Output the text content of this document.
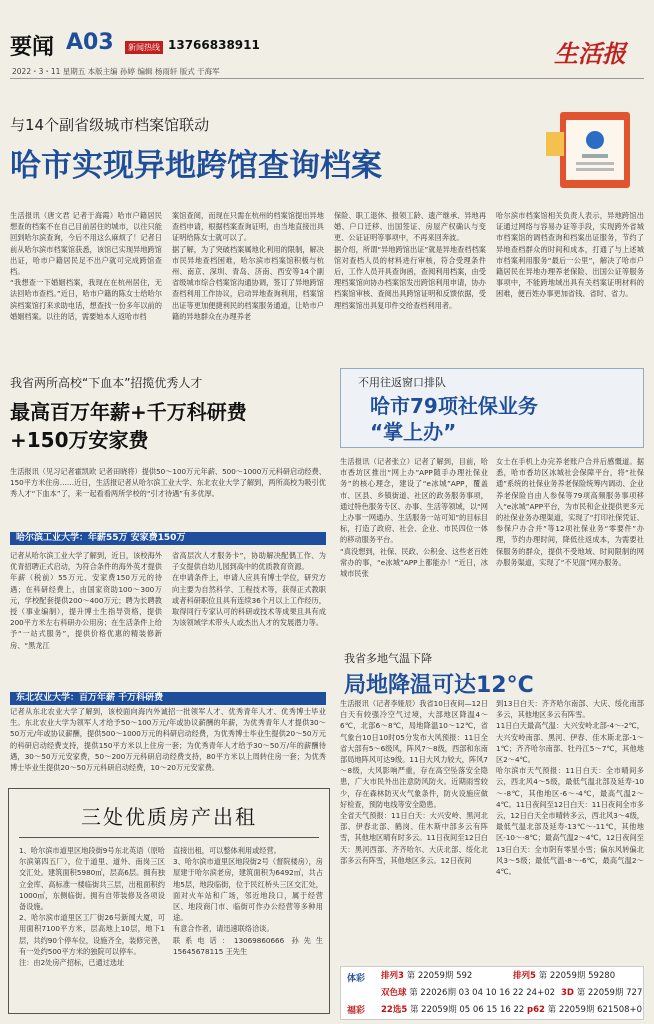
要闻 A03	新闻热线 13766838911
2022・3・11 星期五 本版主编 孙婷 编辑 杨雨轩 版式 于海军
生活报
与14个副省级城市档案馆联动
哈市实现异地跨馆查询档案
生活报讯（唐文君 记者于海霞）哈市户籍居民想查的档案不在自己目前居住的城市，以往只能回到哈尔滨查询，今后不用这么麻烦了！记者日前从哈尔滨市档案馆获悉，该馆已实现异地跨馆出证，哈市户籍居民足不出户就可完成跨馆查档。
“我想查一下婚姻档案，我现在在杭州居住，无法回哈市查档。”近日，哈市户籍的陈女士给哈尔滨档案馆打来求助电话，想查找一份多年以前的婚姻档案。以往的话，需要她本人返哈市档
案馆查阅，而现在只需在杭州的档案馆提出异地查档申请，根据档案查询证明，由当地直接出具证明给陈女士就可以了。
据了解，为了突破档案属地化利用的限制，解决市民异地查档困难，哈尔滨市档案馆积极与杭州、南京、深圳、青岛、济南、西安等14个副省级城市综合档案馆沟通协调，签订了异地跨馆查档利用工作协议，启动异地查询利用，档案馆出证等更加便捷利民的档案服务通道，让哈市户籍的异地群众在办理养老
保险、职工退休、报领工龄、遗产继承、异地再婚、户口迁移、出国签证、房屋产权确认与变更、公证证明等事项中，不再来回奔波。
据介绍，所谓“异地跨馆出证”就是异地查档档案馆对查档人员的材料进行审核，符合受理条件后，工作人员开具查询函，查阅利用档案，由受理档案馆向协办档案馆发出跨馆利用申请，协办档案馆审核、查阅出具跨馆证明和反馈依据，受理档案馆出具复印件交给查档利用者。
哈尔滨市档案馆相关负责人表示，异地跨馆出证通过网络与容易办证等手段，实现跨外省城市档案馆的调档查询和档案出证服务，节约了异地查档群众的时间和成本，打通了与上述城市档案利用服务“最后一公里”，解决了哈市户籍居民在异地办理养老保险、出国公证等服务事项中，不能跨地域出具有关档案证明材料的困难，便百姓办事更加省钱、省时、省力。
我省两所高校“下血本”招揽优秀人才
最高百万年薪+千万科研费
+150万安家费
生活报讯（见习记者霍凯欧 记者田晓将）提供50～100万元年薪、500～1000万元科研启动经费、150平方米住房……近日，生活报记者从哈尔滨工业大学、东北农业大学了解到，两所高校为吸引优秀人才“下血本”了，来一起看看两所学校的“引才待遇”有多优厚。
哈尔滨工业大学：年薪55万 安家费150万
记者从哈尔滨工业大学了解到，近日，该校海外优青招聘正式启动，为符合条件的海外英才提供年薪（税前）55万元、安家费150万元的待遇；在科研经费上，由国家资助100～300万元，学校配套提供200～400万元；聘为长聘教授（事业编制），提升博士生指导资格，提供200平方米左右科研办公用房；在生活条件上给予“一站式服务”，提供价格优惠的精装修新房、“黑龙江
省高层次人才服务卡”，协助解决配偶工作、为子女提供自幼儿园到高中的优质教育资源。
在申请条件上，申请人应具有博士学位，研究方向主要为自然科学、工程技术等，获得正式教职或者科研职位且具有连续36个月以上工作经历，取得同行专家认可的科研或技术等成果且具有成为该领域学术带头人或杰出人才的发展潜力等。
东北农业大学：百万年薪 千万科研费
记者从东北农业大学了解到，该校面向海内外诚招一批领军人才、优秀青年人才、优秀博士毕业生。东北农业大学为领军人才给予50～100万元/年或协议薪酬的年薪，为优秀青年人才提供30～50万元/年或协议薪酬，提供500～1000万元的科研启动经费，为优秀博士毕业生提供20～50万元的科研启动经费支持，提供150平方米以上住房一套；为优秀青年人才给予30～50万/年的薪酬待遇，30～50万元安家费，50～200万元科研启动经费支持，80平方米以上周转住房一套；为优秀博士毕业生提供20～50万元科研启动经费，10～20万元安家费。
不用往返窗口排队
哈市79项社保业务
“掌上办”
生活报讯（记者张立）记者了解到，目前，哈市香坊区推出“网上办”APP随手办理社保业务”的核心理念，建设了“e冰城”APP，覆盖市、区县、乡镇街道、社区的政务服务事项，通过特色服务专区、办事、生活等领域，以“网上办事一网通办、生活服务一站可知”的目标目标，打造了政府、社会、企业、市民四位一体的移动服务平台。
“真没想到，社保、民政、公积金、这些老百姓常办的事，“e冰城”APP上都能办！”近日，冰城市民张
女士在手机上办完养老账户合并后感慨道。据悉，哈市香坊区冰城社会保障平台，将“社保通”系统的社保业务养老保险统筹内调动、企业养老保险自由人参保等79项高频服务事项移入“e冰城”APP平台，为市民和企业提供更多元的社保业务办理渠道，实现了“打印社保凭证、参保户办合并”等12项社保业务“零要件”办理，节约办理时间，降低往返成本，为需要社保服务的群众，提供不受地域、时间限制的网办服务渠道，实现了“不见面”网办服务。
我省多地气温下降
局地降温可达12°C
生活报讯（记者李娅辰）我省10日夜间—12日白天有较强冷空气过境，大部地区降温4～6℃，北部6～8℃，局地降温10～12℃，省气象台10日10时05分发布大风预报：11日全省大部有5～6级风，阵风7～8级，西部和东南部局地阵风可达9级。11日大风力较大，阵风7～8级，大风影响严重，存在高空坠落安全隐患，广大市民外出注意防风防火。近期雨雪较少，存在森林防灭火气象条件，防火设施应做好检查，预防电线等安全隐患。
全省天气预报：11日白天：大兴安岭、黑河北部、伊春北部、鹤岗、佳木斯中部多云有阵雪，其他地区晴有时多云。11日夜间至12日白天：黑河西部、齐齐哈尔、大庆北部、绥化北部多云有阵雪，其他地区多云。12日夜间
到13日白天：齐齐哈尔南部、大庆、绥化南部多云，其他地区多云有阵雪。
11日白天最高气温：大兴安岭北部-4～-2℃，大兴安岭南部、黑河、伊春、佳木斯北部-1～1℃；齐齐哈尔南部、牡丹江5～7℃，其他地区2～4℃。
哈尔滨市天气预报：11日白天：全市晴间多云，西北风4～5级，最低气温北部及延寿-10～-8℃，其他地区-6～-4℃，最高气温2～4℃。11日夜间至12日白天：11日夜间全市多云，12日白天全市晴转多云，西北风3～4级，最低气温北部及延寿-13℃～-11℃，其他地区-10～-8℃；最高气温2～4℃。12日夜间至13日白天：全市阴有零星小雪；偏东风转偏北风3～5级；最低气温-8～-6℃，最高气温2～4℃。
三处优质房产出租
1、哈尔滨市道里区地段街9号东北英语（原哈尔滨第四五厂），位于道里、道外、南岗三区交汇处。建筑面积5980㎡，层高6层。拥有独立金库、高标准一楼临街共三层，出租面积约1000㎡，东侧临街。拥有自带装修及各项设备设施。
2、哈尔滨市道里区工厂街26号新闻大厦，可用面积7100平方米，层高地上10层，地下1层，共约90个停车位，设施齐全，装修完善，有一处约500平方米的独院可以停车。
注：由2处房产招标，已通过选址
直接出租，可以整体利用或经营。
3、哈尔滨市道里区地段街2号（督院楼房），房屋建于哈尔滨老房，建筑面积为6492㎡，共占地5层，地段临街，位于民红桥头三区交汇处，面对火车站和广场，邻近地段口，属于经营区、地段商门市、临街可作办公经营等多种用途。
有意合作者，请迅速联络洽谈。
联系电话：13069860666 孙先生 15645678115 王先生
体彩
福彩
排列3 第 22059期 592	排列5 第 22059期 59280
双色球 第 22026期 03 04 10 16 22 24+02 3D 第 22059期 727
22选5 第 22059期 05 06 15 16 22 p62 第 22059期 621508+0
